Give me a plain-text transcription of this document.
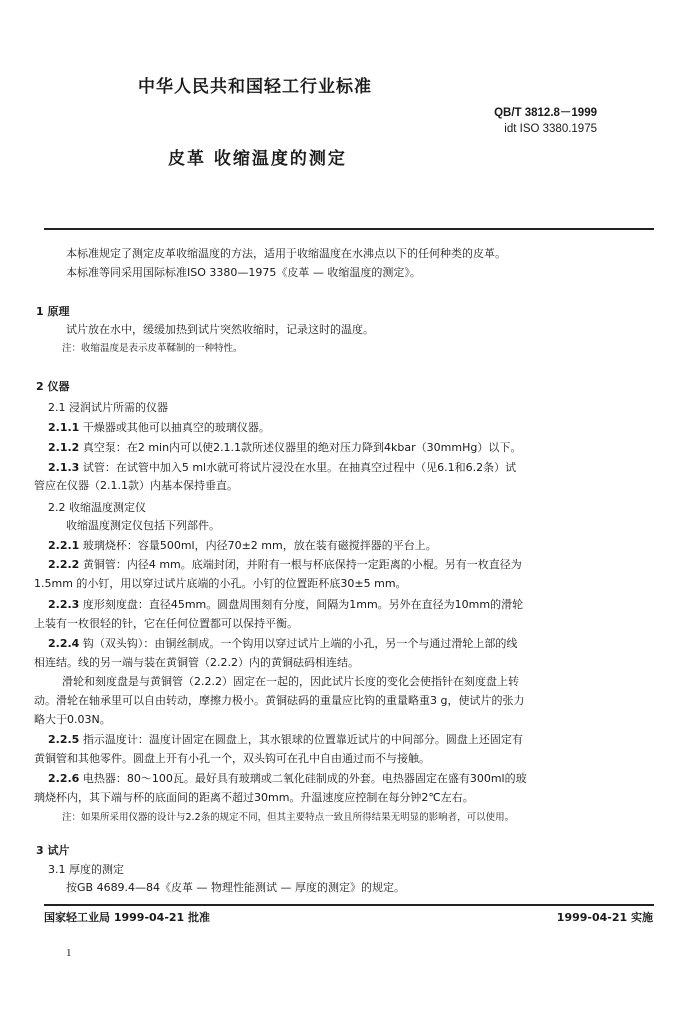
中华人民共和国轻工行业标准
QB/T 3812.8－1999
idt ISO 3380.1975
皮革 收缩温度的测定
本标准规定了测定皮革收缩温度的方法，适用于收缩温度在水沸点以下的任何种类的皮革。
本标准等同采用国际标准ISO 3380—1975《皮革 — 收缩温度的测定》。
1 原理
试片放在水中，缓缓加热到试片突然收缩时，记录这时的温度。
注：收缩温度是表示皮革鞣制的一种特性。
2 仪器
2.1 浸润试片所需的仪器
2.1.1 干燥器或其他可以抽真空的玻璃仪器。
2.1.2 真空泵：在2 min内可以使2.1.1款所述仪器里的绝对压力降到4kbar（30mmHg）以下。
2.1.3 试管：在试管中加入5 ml水就可将试片浸没在水里。在抽真空过程中（见6.1和6.2条）试
管应在仪器（2.1.1款）内基本保持垂直。
2.2 收缩温度测定仪
收缩温度测定仪包括下列部件。
2.2.1 玻璃烧杯：容量500ml，内径70±2 mm，放在装有磁搅拌器的平台上。
2.2.2 黄铜管：内径4 mm。底端封闭，并附有一根与杯底保持一定距离的小棍。另有一枚直径为
1.5mm 的小钉，用以穿过试片底端的小孔。小钉的位置距杯底30±5 mm。
2.2.3 度形刻度盘：直径45mm。圆盘周围刻有分度，间隔为1mm。另外在直径为10mm的滑轮
上装有一枚很轻的针，它在任何位置都可以保持平衡。
2.2.4 钩（双头钩）：由铜丝制成。一个钩用以穿过试片上端的小孔，另一个与通过滑轮上部的线
相连结。线的另一端与装在黄铜管（2.2.2）内的黄铜砝码相连结。
滑轮和刻度盘是与黄铜管（2.2.2）固定在一起的，因此试片长度的变化会使指针在刻度盘上转
动。滑轮在轴承里可以自由转动，摩擦力极小。黄铜砝码的重量应比钩的重量略重3 g，使试片的张力
略大于0.03N。
2.2.5 指示温度计：温度计固定在圆盘上，其水银球的位置靠近试片的中间部分。圆盘上还固定有
黄铜管和其他零件。圆盘上开有小孔一个，双头钩可在孔中自由通过而不与接触。
2.2.6 电热器：80～100瓦。最好具有玻璃或二氧化硅制成的外套。电热器固定在盛有300ml的玻
璃烧杯内，其下端与杯的底面间的距离不超过30mm。升温速度应控制在每分钟2℃左右。
注：如果所采用仪器的设计与2.2条的规定不同，但其主要特点一致且所得结果无明显的影响者，可以使用。
3 试片
3.1 厚度的测定
按GB 4689.4—84《皮革 — 物理性能测试 — 厚度的测定》的规定。
国家轻工业局 1999-04-21 批准	1999-04-21 实施
1
